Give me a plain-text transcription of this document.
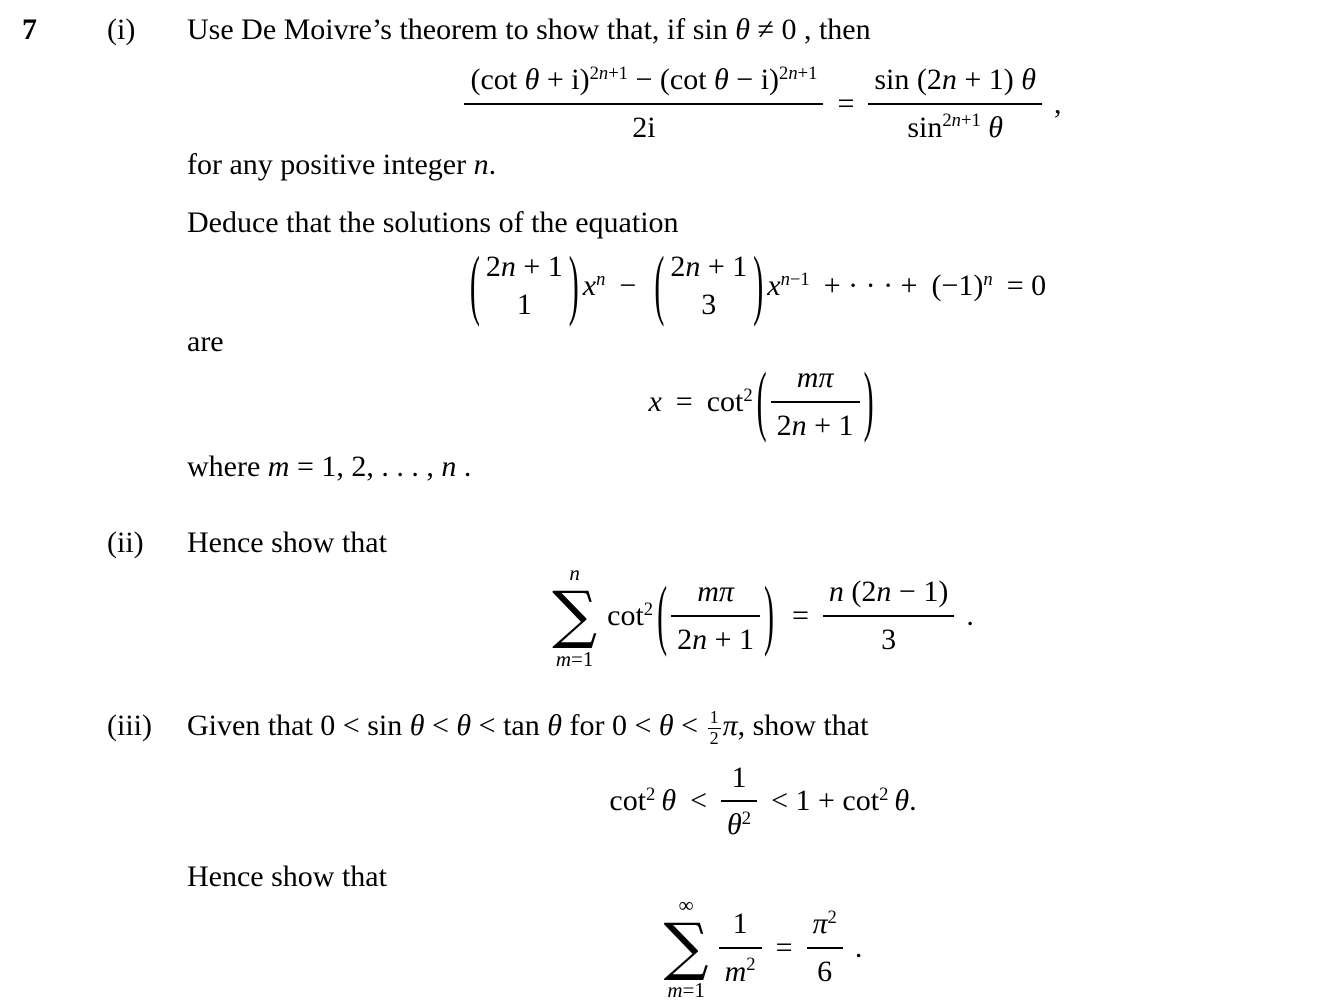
7	(i)	Use De Moivre’s theorem to show that, if sin θ ≠ 0 , then
$\frac{(\cot \theta + i)^{2n+1} - (\cot \theta - i)^{2n+1}}{2i} = \frac{\sin (2n + 1) \theta}{\sin^{2n+1} \theta}$ ,
for any positive integer n.
Deduce that the solutions of the equation
( 2n + 1
1 ) $x^n$ − ( 2n + 1
3 ) $x^{n-1}$ + · · · + $(-1)^n = 0$
are
$x = \cot^2$ ( $\frac{m\pi}{2n + 1}$ )
where m = 1, 2, . . . , n .
(ii)	Hence show that
n
∑
m=1
$\cot^2$ ( $\frac{m\pi}{2n + 1}$ ) = $\frac{n (2n - 1)}{3}$ .
(iii)	Given that 0 < sin θ < θ < tan θ for $0 < \theta < \frac{1}{2} \pi$, show that
$\cot^2 \theta < \frac{1}{\theta^2} < 1 + \cot^2 \theta$.
Hence show that
∞
∑
m=1
$\frac{1}{m^2} = \frac{\pi^2}{6}$ .
